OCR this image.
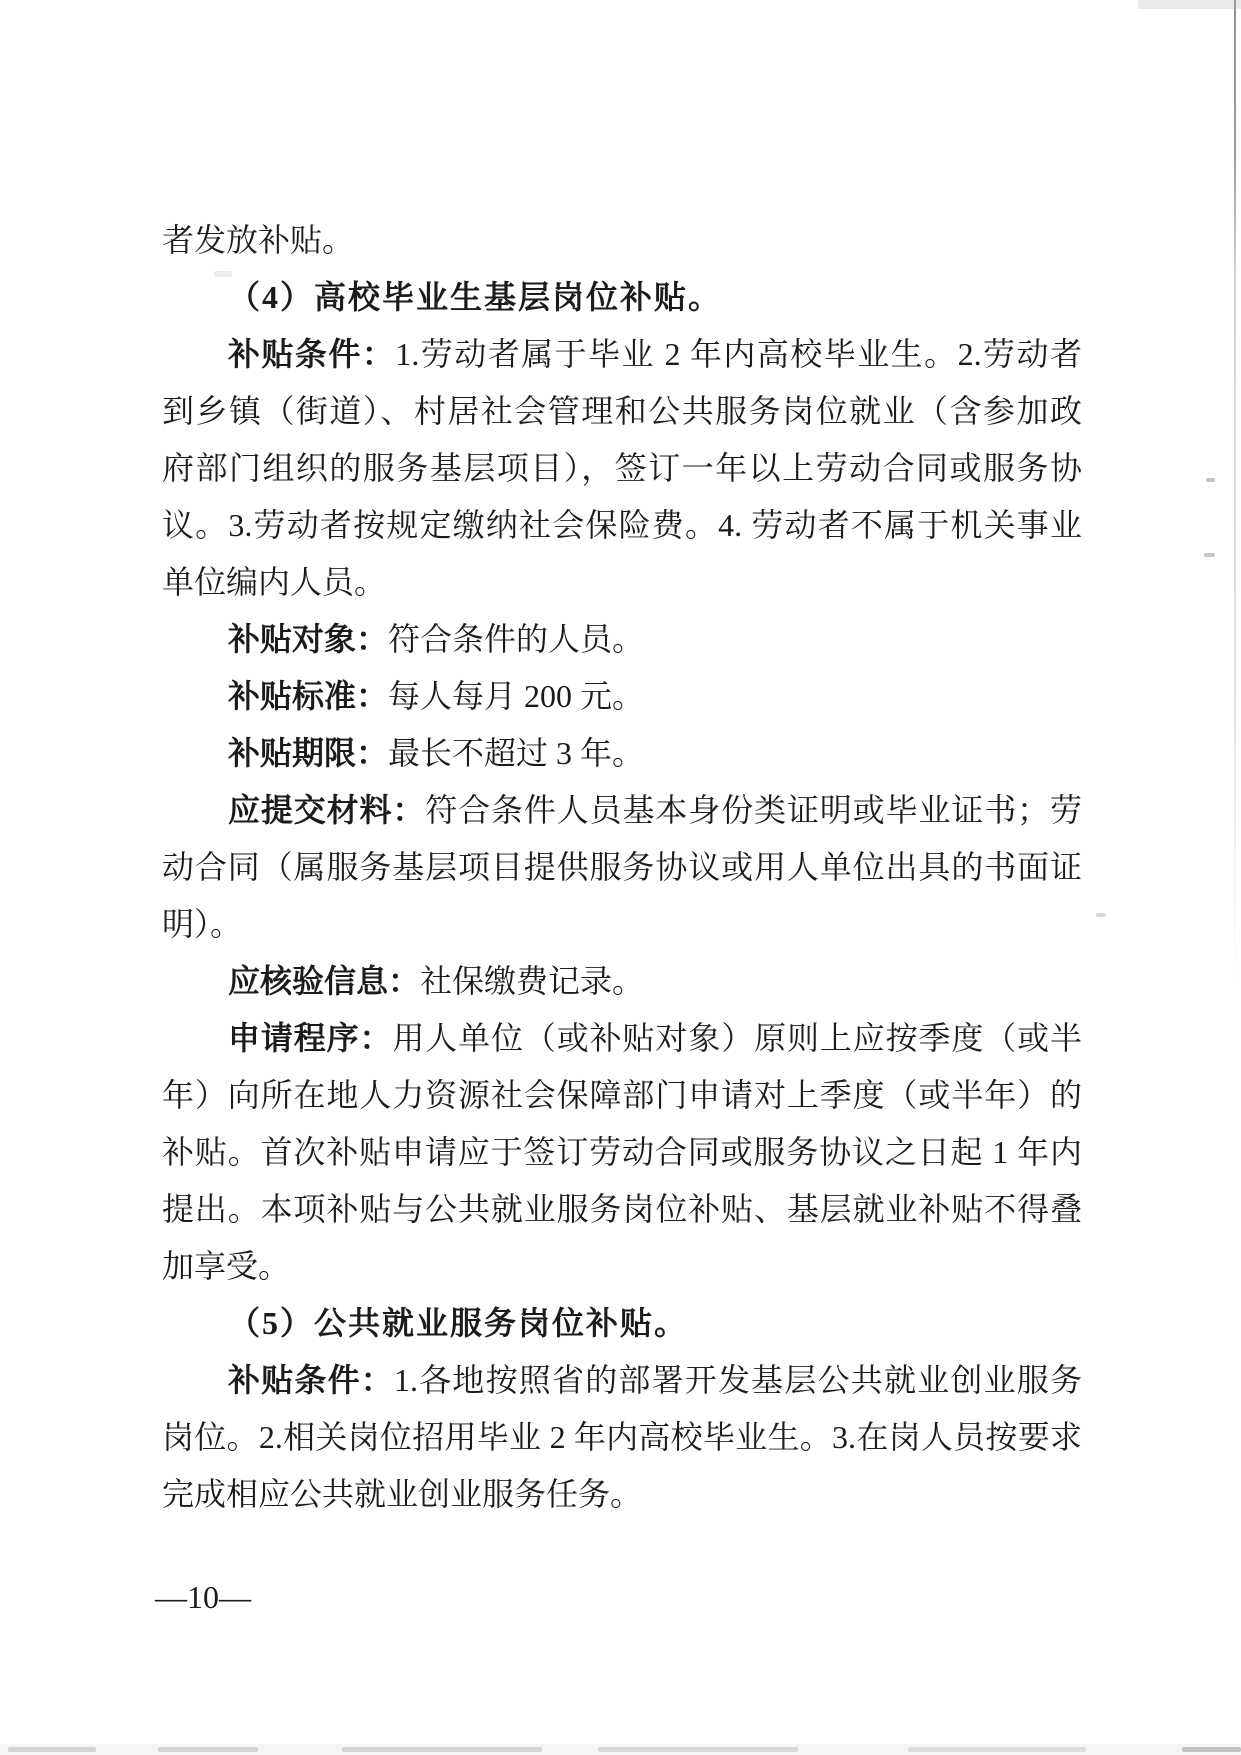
者发放补贴。
（4）高校毕业生基层岗位补贴。
补贴条件：1.劳动者属于毕业 2 年内高校毕业生。2.劳动者
到乡镇（街道）、村居社会管理和公共服务岗位就业（含参加政
府部门组织的服务基层项目），签订一年以上劳动合同或服务协
议。3.劳动者按规定缴纳社会保险费。4. 劳动者不属于机关事业
单位编内人员。
补贴对象：符合条件的人员。
补贴标准：每人每月 200 元。
补贴期限：最长不超过 3 年。
应提交材料：符合条件人员基本身份类证明或毕业证书；劳
动合同（属服务基层项目提供服务协议或用人单位出具的书面证
明）。
应核验信息：社保缴费记录。
申请程序：用人单位（或补贴对象）原则上应按季度（或半
年）向所在地人力资源社会保障部门申请对上季度（或半年）的
补贴。首次补贴申请应于签订劳动合同或服务协议之日起 1 年内
提出。本项补贴与公共就业服务岗位补贴、基层就业补贴不得叠
加享受。
（5）公共就业服务岗位补贴。
补贴条件：1.各地按照省的部署开发基层公共就业创业服务
岗位。2.相关岗位招用毕业 2 年内高校毕业生。3.在岗人员按要求
完成相应公共就业创业服务任务。
—10—
